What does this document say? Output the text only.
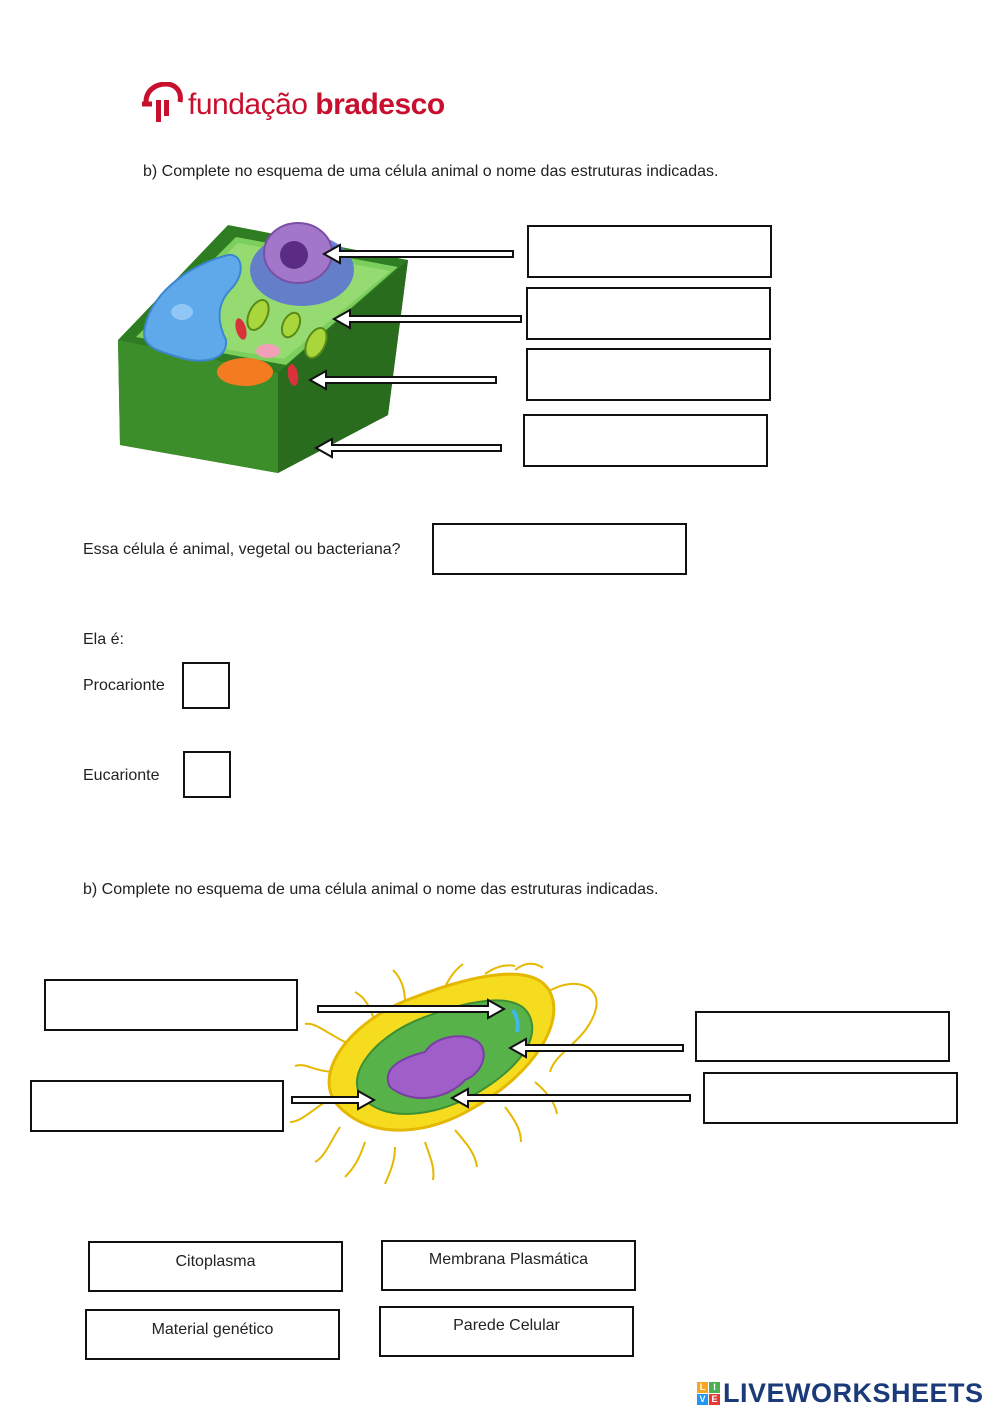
fundação bradesco
b) Complete no esquema de uma célula animal o nome das estruturas indicadas.
Essa célula é animal, vegetal ou bacteriana?
Ela é:
Procarionte
Eucarionte
b) Complete no esquema de uma célula animal o nome das estruturas indicadas.
Citoplasma	Membrana Plasmática
Material genético	Parede Celular
L I
V E LIVEWORKSHEETS
